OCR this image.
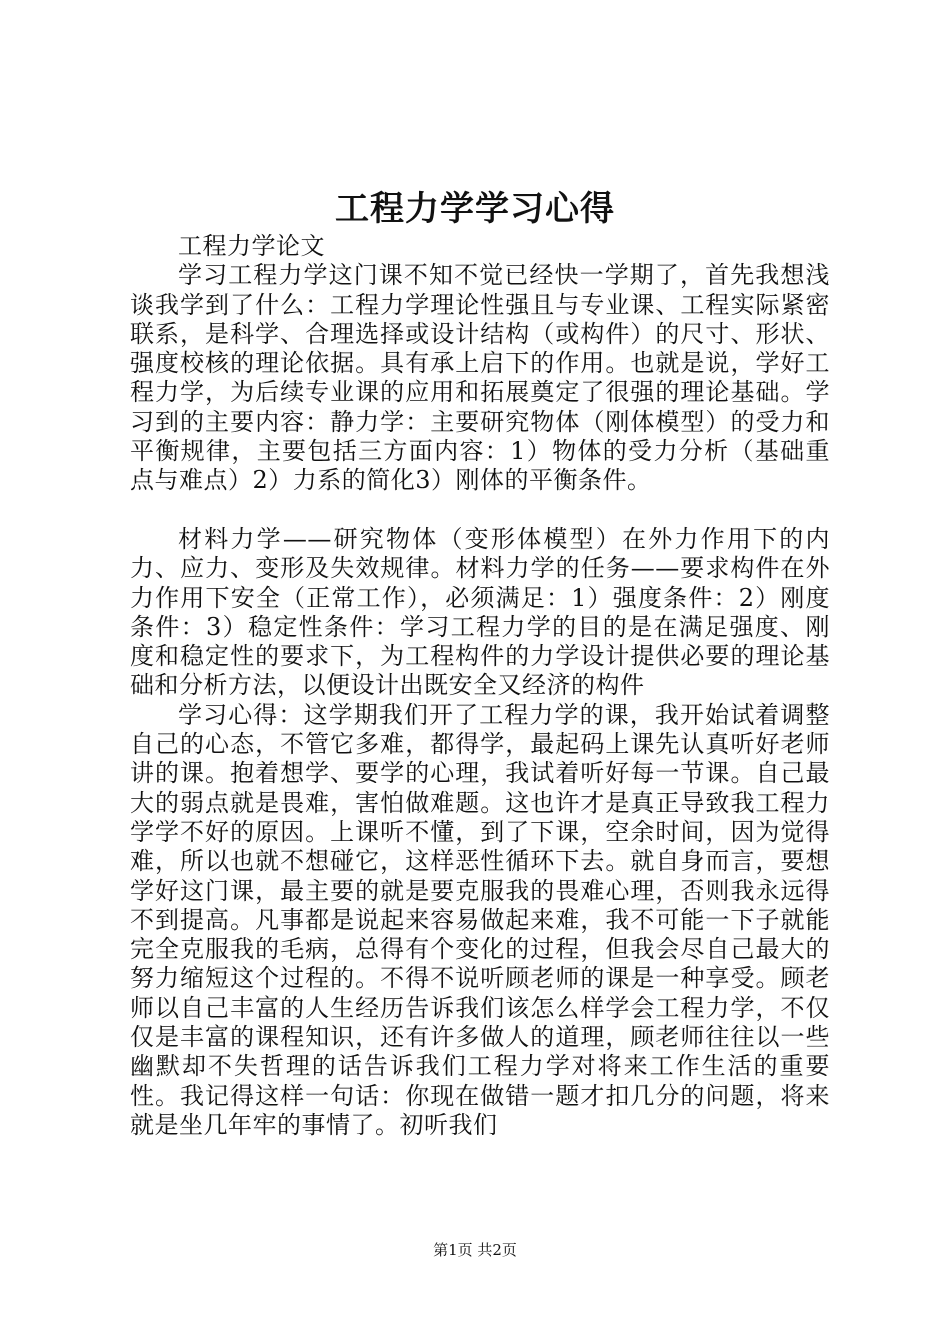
工程力学学习心得

工程力学论文

学习工程力学这门课不知不觉已经快一学期了，首先我想浅谈我学到了什么：工程力学理论性强且与专业课、工程实际紧密联系，是科学、合理选择或设计结构（或构件）的尺寸、形状、强度校核的理论依据。具有承上启下的作用。也就是说，学好工程力学，为后续专业课的应用和拓展奠定了很强的理论基础。学习到的主要内容：静力学：主要研究物体（刚体模型）的受力和平衡规律，主要包括三方面内容：1）物体的受力分析（基础重点与难点）2）力系的简化3）刚体的平衡条件。

材料力学——研究物体（变形体模型）在外力作用下的内力、应力、变形及失效规律。材料力学的任务——要求构件在外力作用下安全（正常工作），必须满足：1）强度条件：2）刚度条件：3）稳定性条件：学习工程力学的目的是在满足强度、刚度和稳定性的要求下，为工程构件的力学设计提供必要的理论基础和分析方法，以便设计出既安全又经济的构件

学习心得：这学期我们开了工程力学的课，我开始试着调整自己的心态，不管它多难，都得学，最起码上课先认真听好老师讲的课。抱着想学、要学的心理，我试着听好每一节课。自己最大的弱点就是畏难，害怕做难题。这也许才是真正导致我工程力学学不好的原因。上课听不懂，到了下课，空余时间，因为觉得难，所以也就不想碰它，这样恶性循环下去。就自身而言，要想学好这门课，最主要的就是要克服我的畏难心理，否则我永远得不到提高。凡事都是说起来容易做起来难，我不可能一下子就能完全克服我的毛病，总得有个变化的过程，但我会尽自己最大的努力缩短这个过程的。不得不说听顾老师的课是一种享受。顾老师以自己丰富的人生经历告诉我们该怎么样学会工程力学，不仅仅是丰富的课程知识，还有许多做人的道理，顾老师往往以一些幽默却不失哲理的话告诉我们工程力学对将来工作生活的重要性。我记得这样一句话：你现在做错一题才扣几分的问题，将来就是坐几年牢的事情了。初听我们

第1页 共2页
